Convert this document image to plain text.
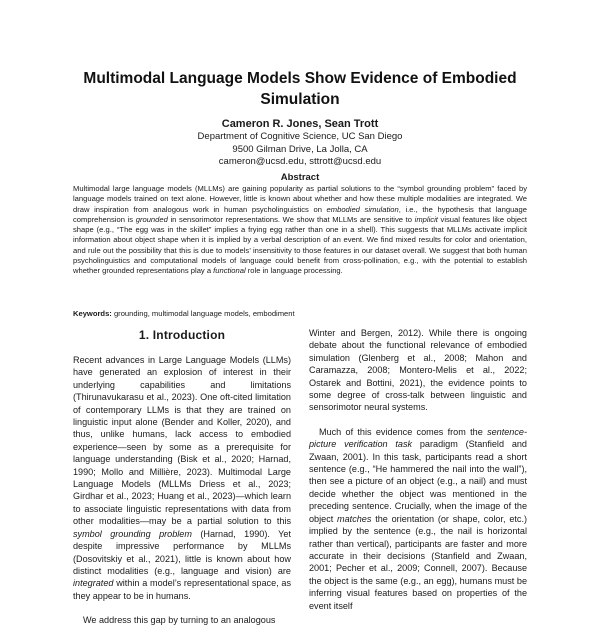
Multimodal Language Models Show Evidence of Embodied Simulation
Cameron R. Jones, Sean Trott
Department of Cognitive Science, UC San Diego
9500 Gilman Drive, La Jolla, CA
cameron@ucsd.edu, sttrott@ucsd.edu
Abstract

Multimodal large language models (MLLMs) are gaining popularity as partial solutions to the “symbol grounding problem” faced by language models trained on text alone. However, little is known about whether and how these multiple modalities are integrated. We draw inspiration from analogous work in human psycholinguistics on embodied simulation, i.e., the hypothesis that language comprehension is grounded in sensorimotor representations. We show that MLLMs are sensitive to implicit visual features like object shape (e.g., “The egg was in the skillet” implies a frying egg rather than one in a shell). This suggests that MLLMs activate implicit information about object shape when it is implied by a verbal description of an event. We find mixed results for color and orientation, and rule out the possibility that this is due to models’ insensitivity to those features in our dataset overall. We suggest that both human psycholinguistics and computational models of language could benefit from cross-pollination, e.g., with the potential to establish whether grounded representations play a functional role in language processing.

Keywords: grounding, multimodal language models, embodiment
1. Introduction

Recent advances in Large Language Models (LLMs) have generated an explosion of interest in their underlying capabilities and limitations (Thirunavukarasu et al., 2023). One oft-cited limitation of contemporary LLMs is that they are trained on linguistic input alone (Bender and Koller, 2020), and thus, unlike humans, lack access to embodied experience—seen by some as a prerequisite for language understanding (Bisk et al., 2020; Harnad, 1990; Mollo and Millière, 2023). Multimodal Large Language Models (MLLMs Driess et al., 2023; Girdhar et al., 2023; Huang et al., 2023)—which learn to associate linguistic representations with data from other modalities—may be a partial solution to this symbol grounding problem (Harnad, 1990). Yet despite impressive performance by MLLMs (Dosovitskiy et al., 2021), little is known about how distinct modalities (e.g., language and vision) are integrated within a model’s representational space, as they appear to be in humans.

We address this gap by turning to an analogous

Winter and Bergen, 2012). While there is ongoing debate about the functional relevance of embodied simulation (Glenberg et al., 2008; Mahon and Caramazza, 2008; Montero-Melis et al., 2022; Ostarek and Bottini, 2021), the evidence points to some degree of cross-talk between linguistic and sensorimotor neural systems.

Much of this evidence comes from the sentence-picture verification task paradigm (Stanfield and Zwaan, 2001). In this task, participants read a short sentence (e.g., “He hammered the nail into the wall”), then see a picture of an object (e.g., a nail) and must decide whether the object was mentioned in the preceding sentence. Crucially, when the image of the object matches the orientation (or shape, color, etc.) implied by the sentence (e.g., the nail is horizontal rather than vertical), participants are faster and more accurate in their decisions (Stanfield and Zwaan, 2001; Pecher et al., 2009; Connell, 2007). Because the object is the same (e.g., an egg), humans must be inferring visual features based on properties of the event itself
